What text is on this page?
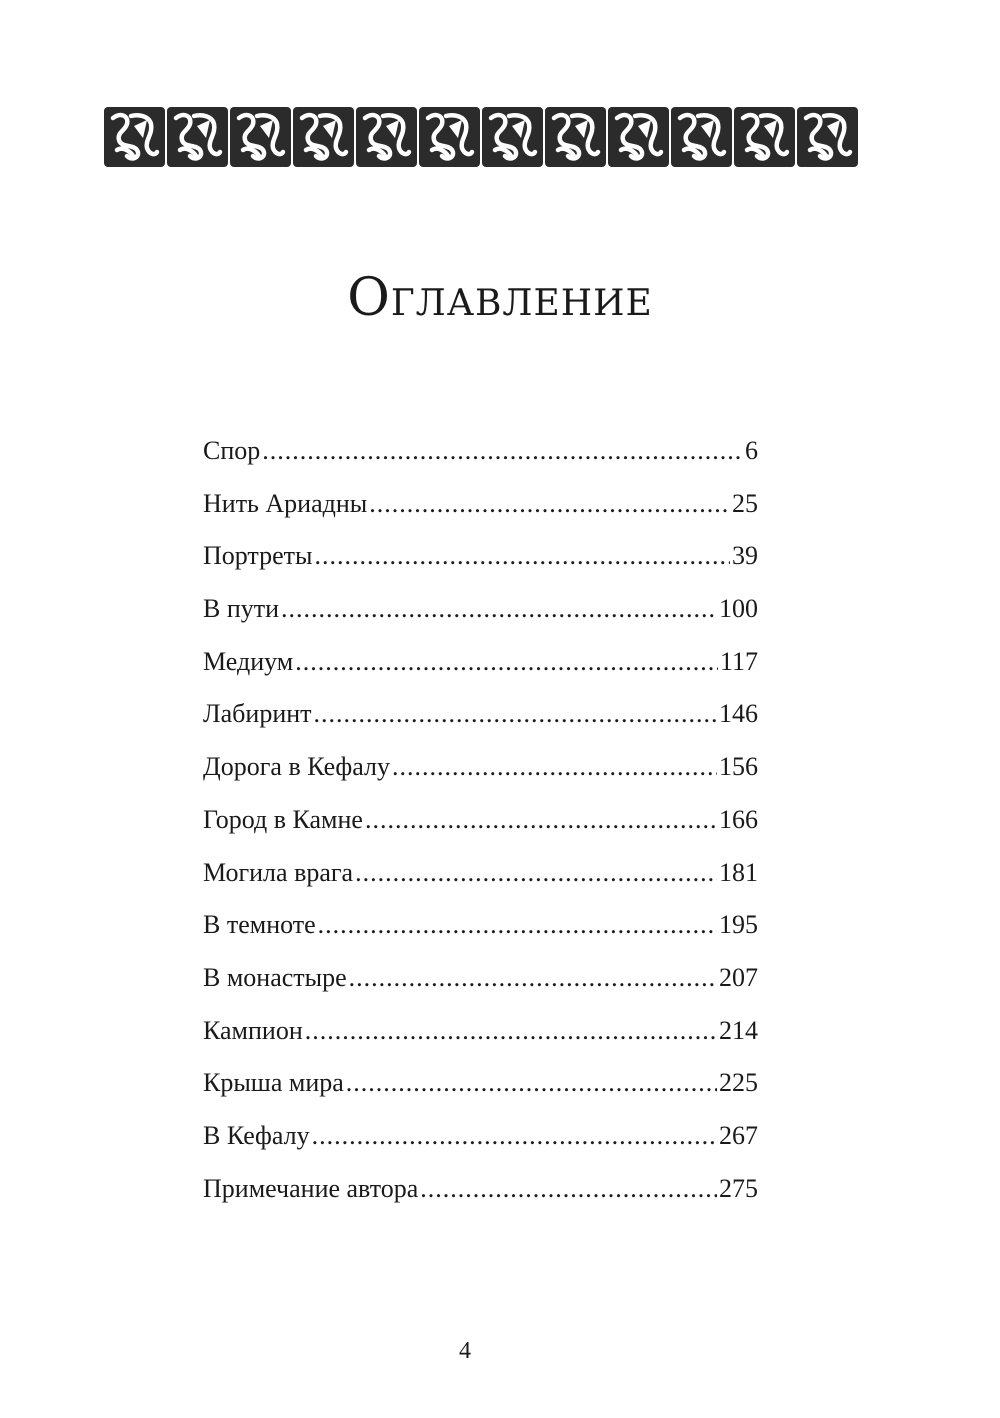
Оглавление
Спор .....	6
Нить Ариадны .....	25
Портреты .....	39
В пути .....	100
Медиум .....	117
Лабиринт .....	146
Дорога в Кефалу .....	156
Город в Камне .....	166
Могила врага .....	181
В темноте .....	195
В монастыре .....	207
Кампион .....	214
Крыша мира .....	225
В Кефалу .....	267
Примечание автора .....	275
4
